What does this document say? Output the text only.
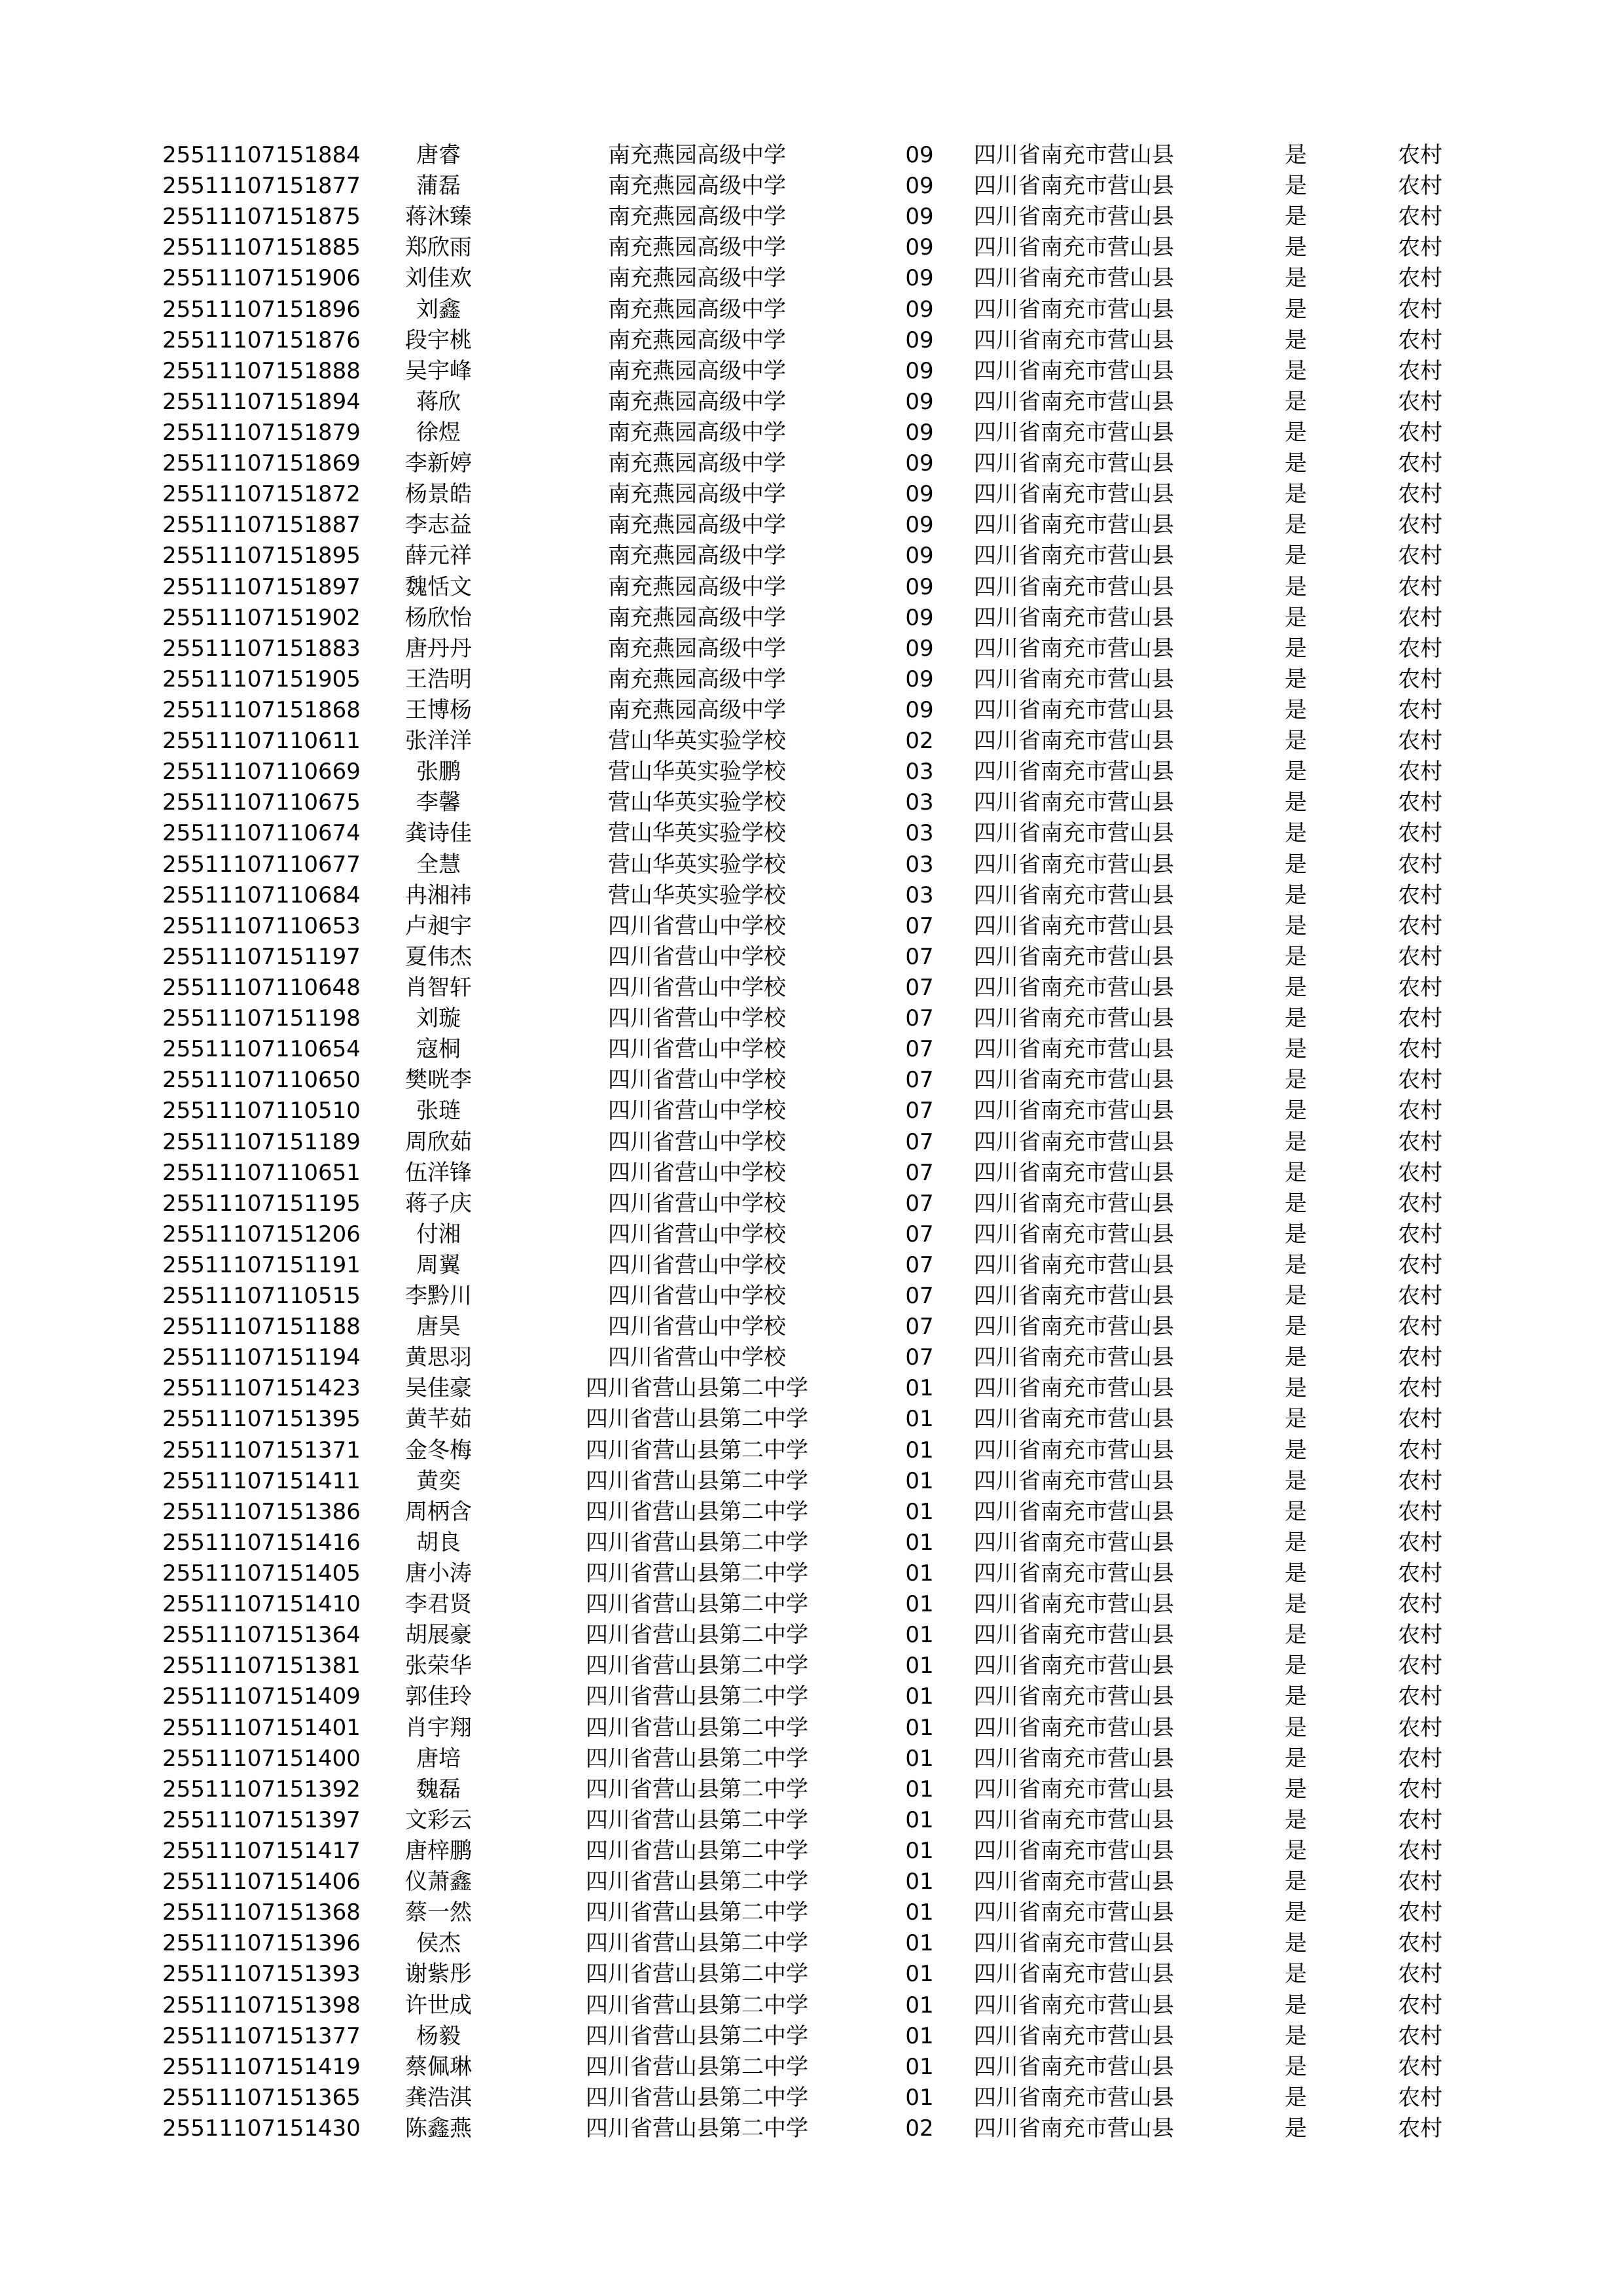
25511107151884	唐睿	南充燕园高级中学	09	四川省南充市营山县	是	农村
25511107151877	蒲磊	南充燕园高级中学	09	四川省南充市营山县	是	农村
25511107151875	蒋沐臻	南充燕园高级中学	09	四川省南充市营山县	是	农村
25511107151885	郑欣雨	南充燕园高级中学	09	四川省南充市营山县	是	农村
25511107151906	刘佳欢	南充燕园高级中学	09	四川省南充市营山县	是	农村
25511107151896	刘鑫	南充燕园高级中学	09	四川省南充市营山县	是	农村
25511107151876	段宇桃	南充燕园高级中学	09	四川省南充市营山县	是	农村
25511107151888	吴宇峰	南充燕园高级中学	09	四川省南充市营山县	是	农村
25511107151894	蒋欣	南充燕园高级中学	09	四川省南充市营山县	是	农村
25511107151879	徐煜	南充燕园高级中学	09	四川省南充市营山县	是	农村
25511107151869	李新婷	南充燕园高级中学	09	四川省南充市营山县	是	农村
25511107151872	杨景皓	南充燕园高级中学	09	四川省南充市营山县	是	农村
25511107151887	李志益	南充燕园高级中学	09	四川省南充市营山县	是	农村
25511107151895	薛元祥	南充燕园高级中学	09	四川省南充市营山县	是	农村
25511107151897	魏恬文	南充燕园高级中学	09	四川省南充市营山县	是	农村
25511107151902	杨欣怡	南充燕园高级中学	09	四川省南充市营山县	是	农村
25511107151883	唐丹丹	南充燕园高级中学	09	四川省南充市营山县	是	农村
25511107151905	王浩明	南充燕园高级中学	09	四川省南充市营山县	是	农村
25511107151868	王博杨	南充燕园高级中学	09	四川省南充市营山县	是	农村
25511107110611	张洋洋	营山华英实验学校	02	四川省南充市营山县	是	农村
25511107110669	张鹏	营山华英实验学校	03	四川省南充市营山县	是	农村
25511107110675	李馨	营山华英实验学校	03	四川省南充市营山县	是	农村
25511107110674	龚诗佳	营山华英实验学校	03	四川省南充市营山县	是	农村
25511107110677	全慧	营山华英实验学校	03	四川省南充市营山县	是	农村
25511107110684	冉湘祎	营山华英实验学校	03	四川省南充市营山县	是	农村
25511107110653	卢昶宇	四川省营山中学校	07	四川省南充市营山县	是	农村
25511107151197	夏伟杰	四川省营山中学校	07	四川省南充市营山县	是	农村
25511107110648	肖智轩	四川省营山中学校	07	四川省南充市营山县	是	农村
25511107151198	刘璇	四川省营山中学校	07	四川省南充市营山县	是	农村
25511107110654	寇桐	四川省营山中学校	07	四川省南充市营山县	是	农村
25511107110650	樊咣李	四川省营山中学校	07	四川省南充市营山县	是	农村
25511107110510	张琏	四川省营山中学校	07	四川省南充市营山县	是	农村
25511107151189	周欣茹	四川省营山中学校	07	四川省南充市营山县	是	农村
25511107110651	伍洋锋	四川省营山中学校	07	四川省南充市营山县	是	农村
25511107151195	蒋子庆	四川省营山中学校	07	四川省南充市营山县	是	农村
25511107151206	付湘	四川省营山中学校	07	四川省南充市营山县	是	农村
25511107151191	周翼	四川省营山中学校	07	四川省南充市营山县	是	农村
25511107110515	李黔川	四川省营山中学校	07	四川省南充市营山县	是	农村
25511107151188	唐昊	四川省营山中学校	07	四川省南充市营山县	是	农村
25511107151194	黄思羽	四川省营山中学校	07	四川省南充市营山县	是	农村
25511107151423	吴佳豪	四川省营山县第二中学	01	四川省南充市营山县	是	农村
25511107151395	黄芊茹	四川省营山县第二中学	01	四川省南充市营山县	是	农村
25511107151371	金冬梅	四川省营山县第二中学	01	四川省南充市营山县	是	农村
25511107151411	黄奕	四川省营山县第二中学	01	四川省南充市营山县	是	农村
25511107151386	周柄含	四川省营山县第二中学	01	四川省南充市营山县	是	农村
25511107151416	胡良	四川省营山县第二中学	01	四川省南充市营山县	是	农村
25511107151405	唐小涛	四川省营山县第二中学	01	四川省南充市营山县	是	农村
25511107151410	李君贤	四川省营山县第二中学	01	四川省南充市营山县	是	农村
25511107151364	胡展豪	四川省营山县第二中学	01	四川省南充市营山县	是	农村
25511107151381	张荣华	四川省营山县第二中学	01	四川省南充市营山县	是	农村
25511107151409	郭佳玲	四川省营山县第二中学	01	四川省南充市营山县	是	农村
25511107151401	肖宇翔	四川省营山县第二中学	01	四川省南充市营山县	是	农村
25511107151400	唐培	四川省营山县第二中学	01	四川省南充市营山县	是	农村
25511107151392	魏磊	四川省营山县第二中学	01	四川省南充市营山县	是	农村
25511107151397	文彩云	四川省营山县第二中学	01	四川省南充市营山县	是	农村
25511107151417	唐梓鹏	四川省营山县第二中学	01	四川省南充市营山县	是	农村
25511107151406	仪萧鑫	四川省营山县第二中学	01	四川省南充市营山县	是	农村
25511107151368	蔡一然	四川省营山县第二中学	01	四川省南充市营山县	是	农村
25511107151396	侯杰	四川省营山县第二中学	01	四川省南充市营山县	是	农村
25511107151393	谢紫彤	四川省营山县第二中学	01	四川省南充市营山县	是	农村
25511107151398	许世成	四川省营山县第二中学	01	四川省南充市营山县	是	农村
25511107151377	杨毅	四川省营山县第二中学	01	四川省南充市营山县	是	农村
25511107151419	蔡佩琳	四川省营山县第二中学	01	四川省南充市营山县	是	农村
25511107151365	龚浩淇	四川省营山县第二中学	01	四川省南充市营山县	是	农村
25511107151430	陈鑫燕	四川省营山县第二中学	02	四川省南充市营山县	是	农村
